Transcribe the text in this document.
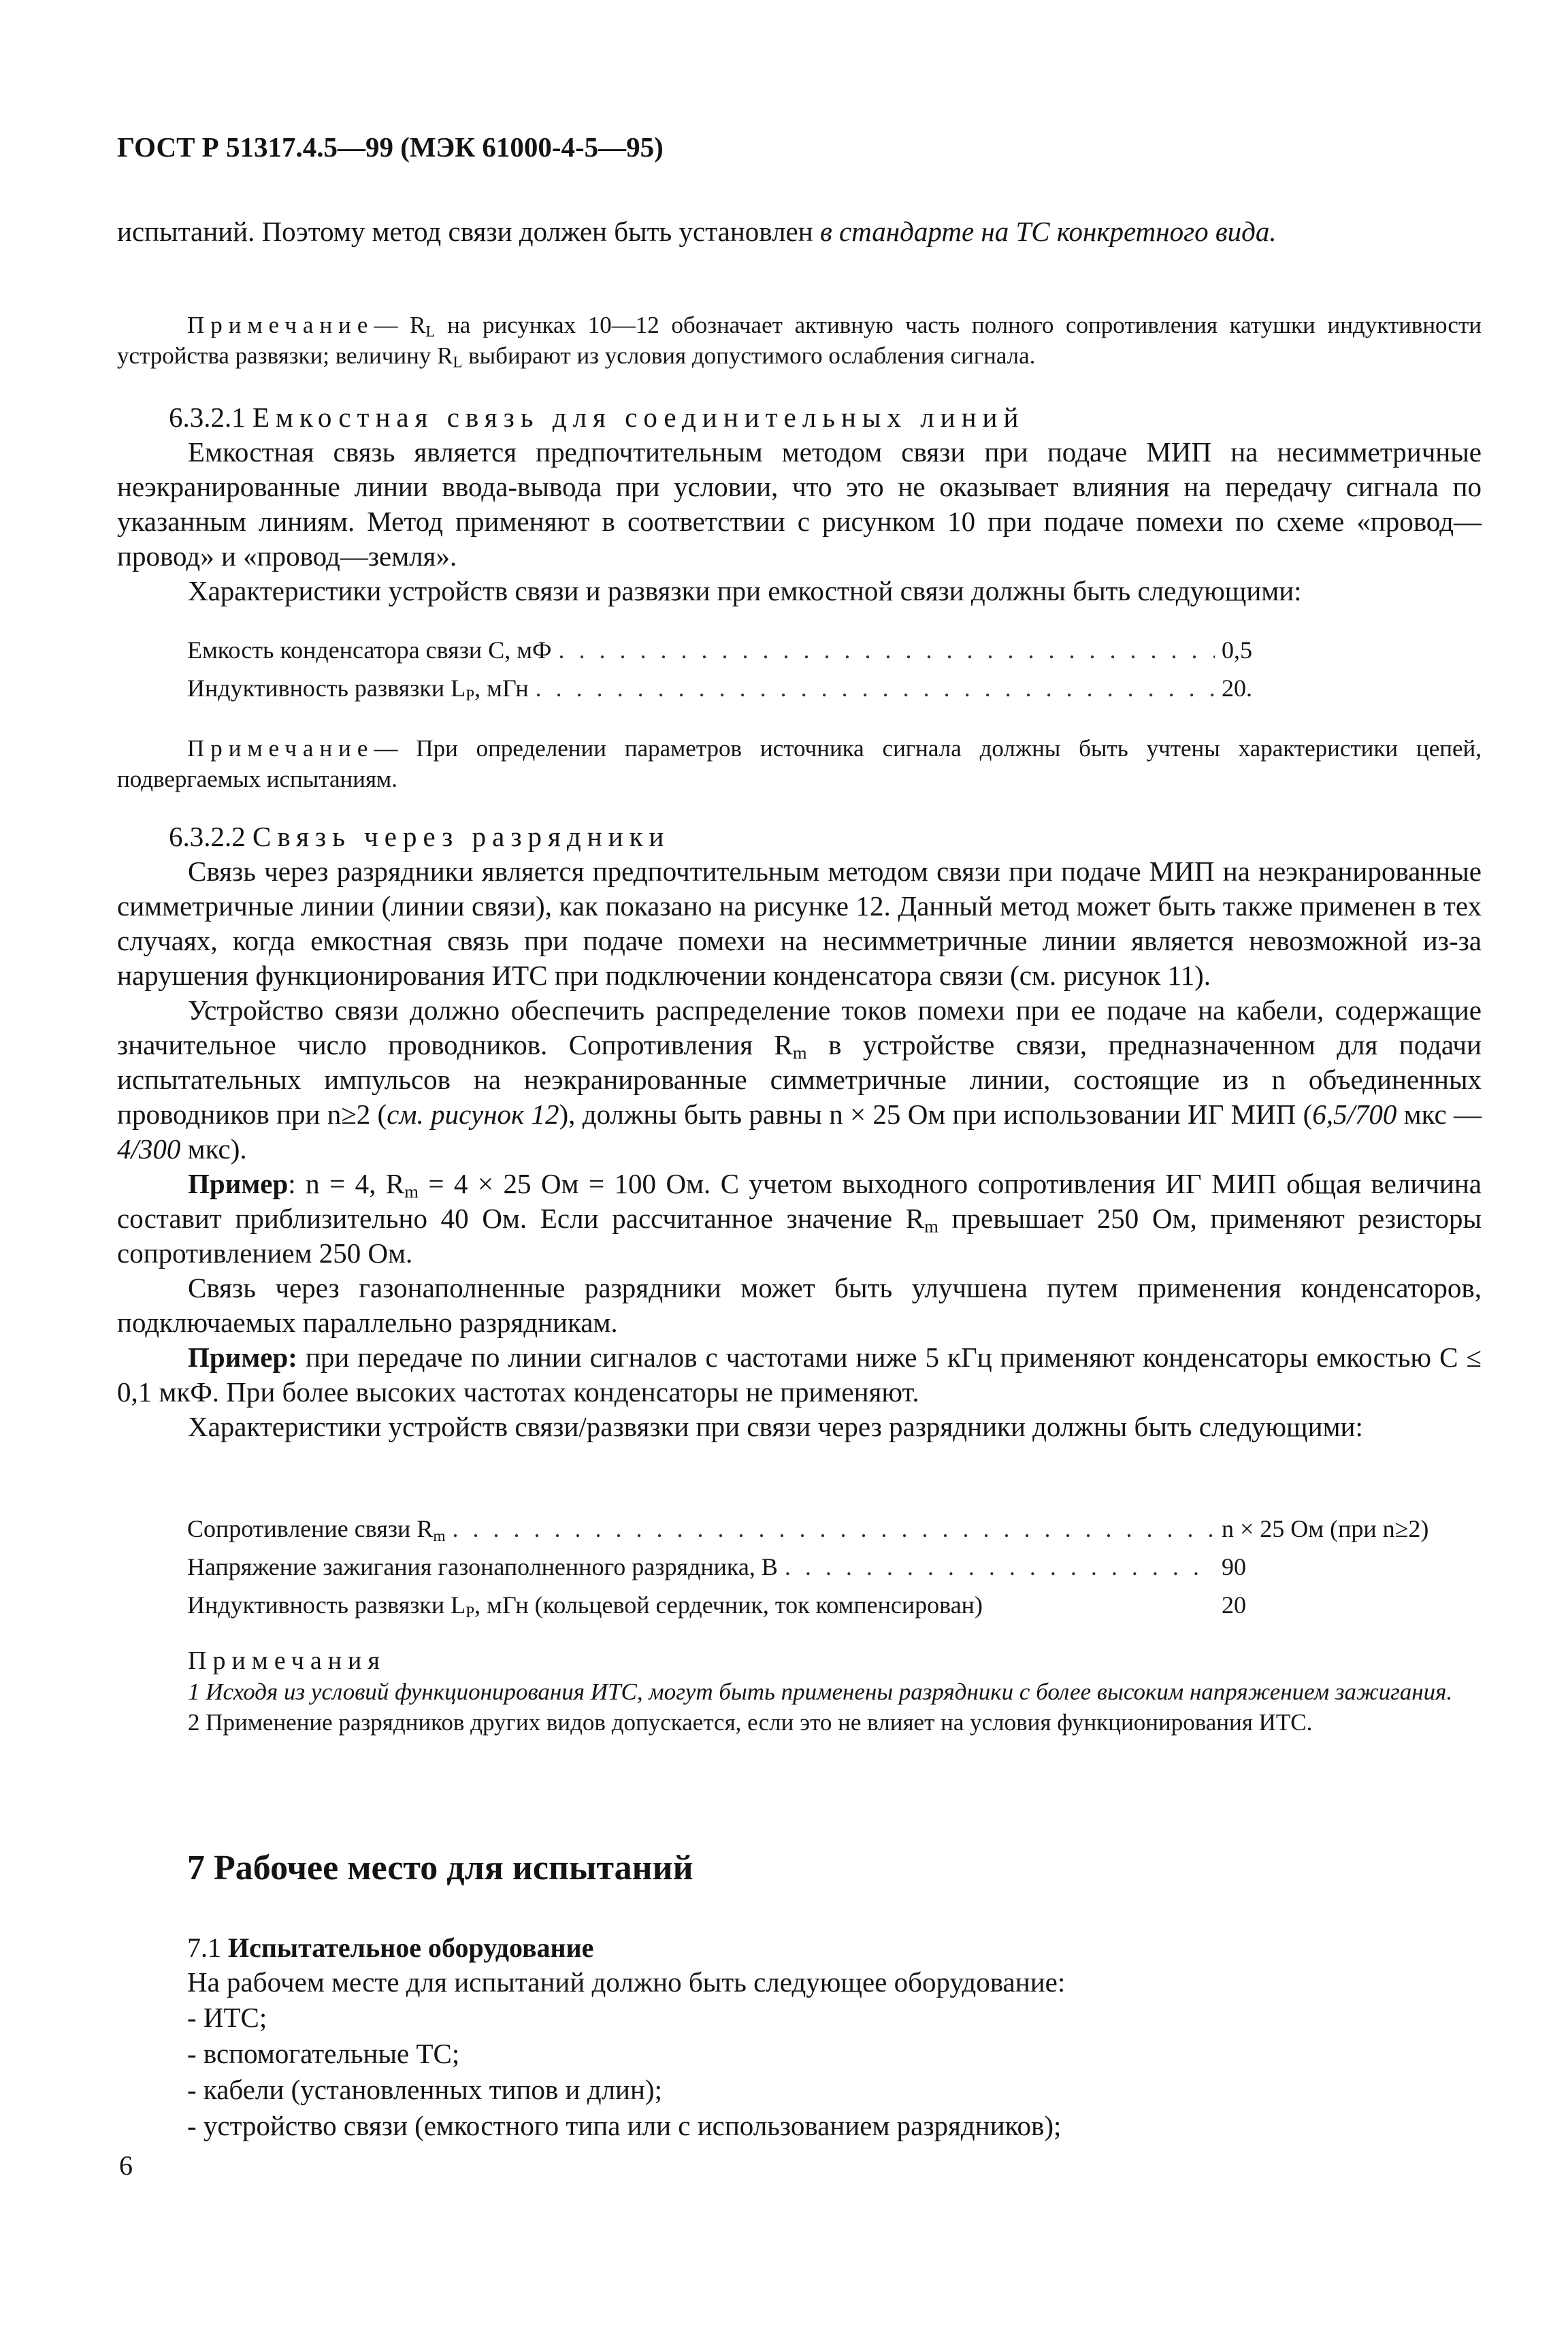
ГОСТ Р 51317.4.5—99 (МЭК 61000-4-5—95)

испытаний. Поэтому метод связи должен быть установлен в стандарте на ТС конкретного вида.

Примечание— $R_L$ на рисунках 10—12 обозначает активную часть полного сопротивления катушки индуктивности устройства развязки; величину $R_L$ выбирают из условия допустимого ослабления сигнала.

6.3.2.1 Емкостная связь для соединительных линий

Емкостная связь является предпочтительным методом связи при подаче МИП на несимметричные неэкранированные линии ввода-вывода при условии, что это не оказывает влияния на передачу сигнала по указанным линиям. Метод применяют в соответствии с рисунком 10 при подаче помехи по схеме «провод—провод» и «провод—земля».

Характеристики устройств связи и развязки при емкостной связи должны быть следующими:

Емкость конденсатора связи С, мФ . . .	0,5
Индуктивность развязки $L_P$, мГн . . .	20.

Примечание— При определении параметров источника сигнала должны быть учтены характеристики цепей, подвергаемых испытаниям.

6.3.2.2 Связь через разрядники

Связь через разрядники является предпочтительным методом связи при подаче МИП на неэкранированные симметричные линии (линии связи), как показано на рисунке 12. Данный метод может быть также применен в тех случаях, когда емкостная связь при подаче помехи на несимметричные линии является невозможной из-за нарушения функционирования ИТС при подключении конденсатора связи (см. рисунок 11).

Устройство связи должно обеспечить распределение токов помехи при ее подаче на кабели, содержащие значительное число проводников. Сопротивления $R_m$ в устройстве связи, предназначенном для подачи испытательных импульсов на неэкранированные симметричные линии, состоящие из n объединенных проводников при n≥2 (см. рисунок 12), должны быть равны n × 25 Ом при использовании ИГ МИП (6,5/700 мкс — 4/300 мкс).

Пример: n = 4, $R_m = 4 \times 25$ Ом = 100 Ом. С учетом выходного сопротивления ИГ МИП общая величина составит приблизительно 40 Ом. Если рассчитанное значение $R_m$ превышает 250 Ом, применяют резисторы сопротивлением 250 Ом.

Связь через газонаполненные разрядники может быть улучшена путем применения конденсаторов, подключаемых параллельно разрядникам.

Пример: при передаче по линии сигналов с частотами ниже 5 кГц применяют конденсаторы емкостью С ≤ 0,1 мкФ. При более высоких частотах конденсаторы не применяют.

Характеристики устройств связи/развязки при связи через разрядники должны быть следующими:

Сопротивление связи $R_m$ . . .	n × 25 Ом (при n≥2)
Напряжение зажигания газонаполненного разрядника, В . . .	90
Индуктивность развязки $L_P$, мГн (кольцевой сердечник, ток компенсирован)	20

Примечания

1 Исходя из условий функционирования ИТС, могут быть применены разрядники с более высоким напряжением зажигания.

2 Применение разрядников других видов допускается, если это не влияет на условия функционирования ИТС.

7 Рабочее место для испытаний

7.1 Испытательное оборудование

На рабочем месте для испытаний должно быть следующее оборудование:

- ИТС;
- вспомогательные ТС;
- кабели (установленных типов и длин);
- устройство связи (емкостного типа или с использованием разрядников);
6
